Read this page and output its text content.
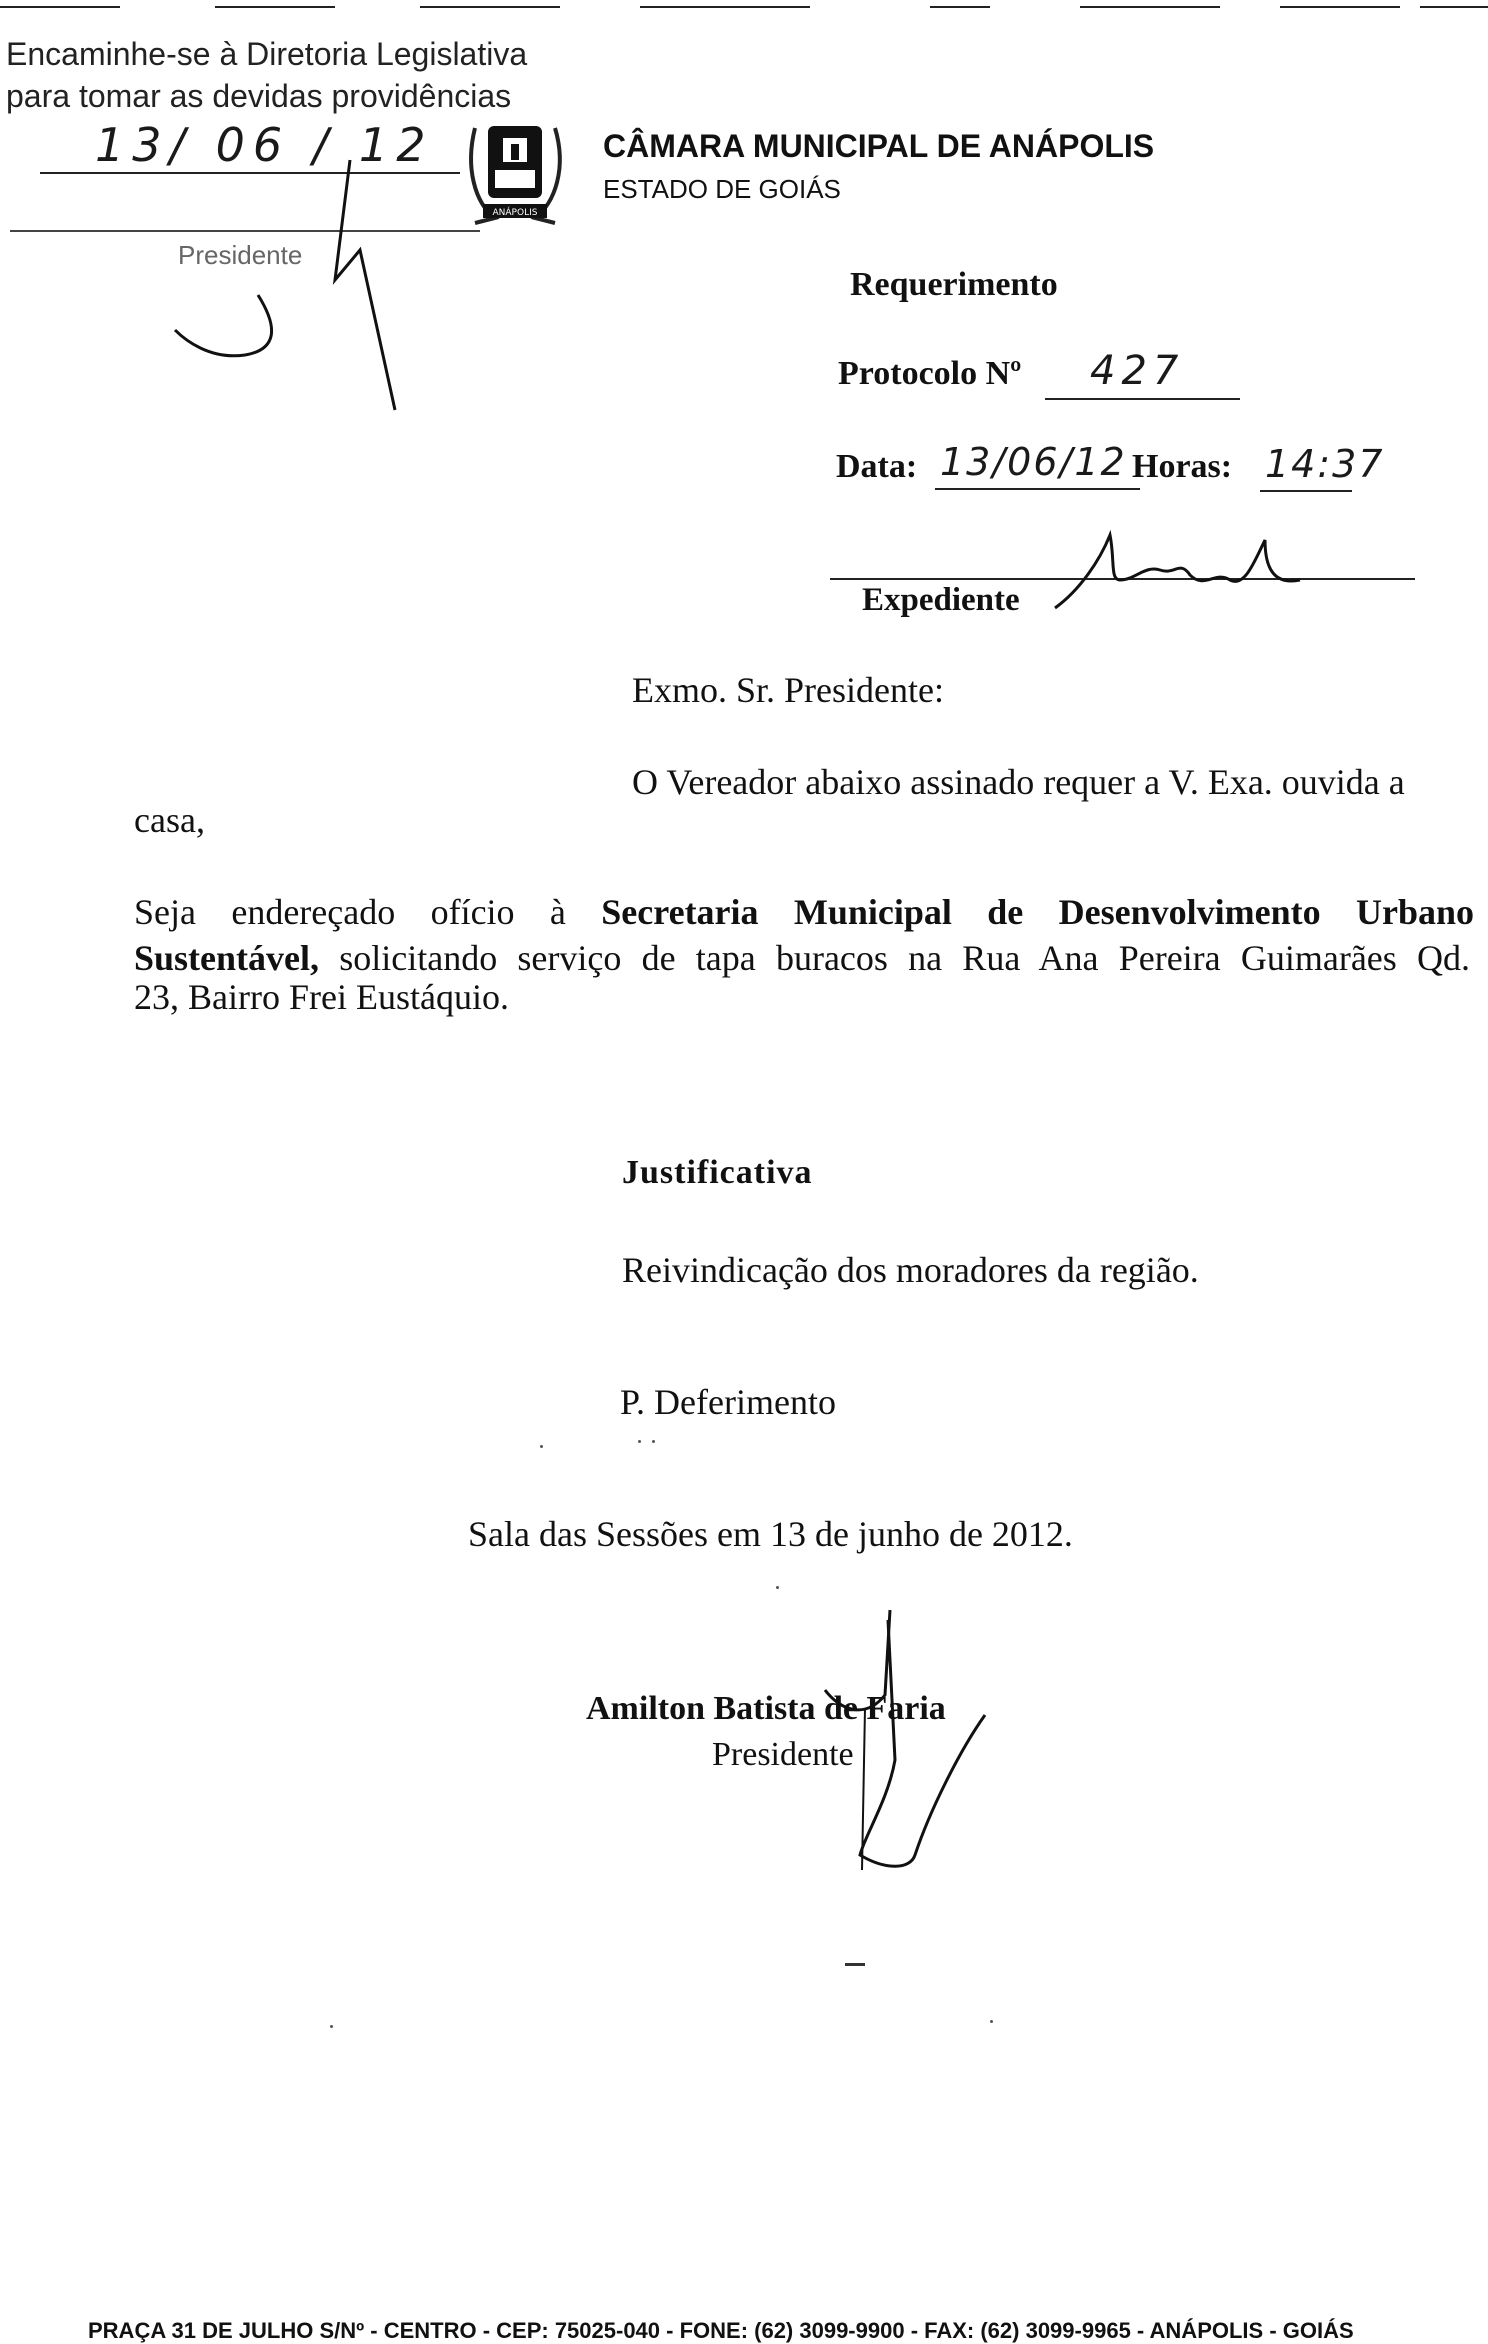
Encaminhe-se à Diretoria Legislativa
para tomar as devidas providências
13/ 06 / 12
Presidente
ANÁPOLIS
CÂMARA MUNICIPAL DE ANÁPOLIS
ESTADO DE GOIÁS
Requerimento
Protocolo Nº 427
Data: 13/06/12 Horas: 14:37
Expediente
Exmo. Sr. Presidente:
O Vereador abaixo assinado requer a V. Exa. ouvida a
casa,
Seja endereçado ofício à Secretaria Municipal de Desenvolvimento Urbano
Sustentável, solicitando serviço de tapa buracos na Rua Ana Pereira Guimarães Qd.
23, Bairro Frei Eustáquio.
Justificativa
Reivindicação dos moradores da região.
P. Deferimento
Sala das Sessões em 13 de junho de 2012.
Amilton Batista de Faria
Presidente
PRAÇA 31 DE JULHO S/Nº - CENTRO - CEP: 75025-040 - FONE: (62) 3099-9900 - FAX: (62) 3099-9965 - ANÁPOLIS - GOIÁS
